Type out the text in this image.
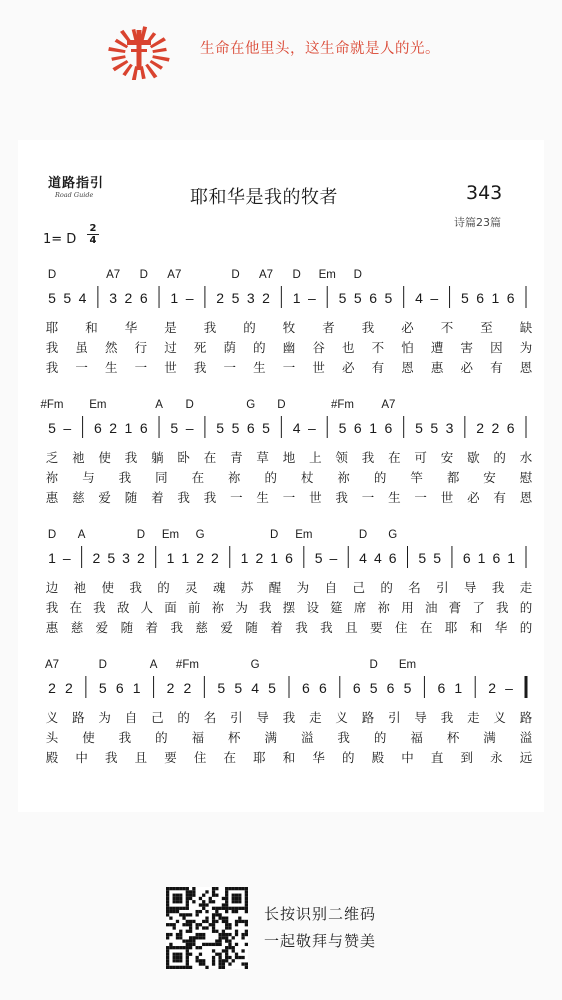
生命在他里头，这生命就是人的光。
道路指引
Road Guide	耶和华是我的牧者	343
诗篇23篇
1= D $\frac{2}{4}$
D	A7 D A7	D A7 D Em D
5 5 4 3 2 6 1 – 2 5 3 2 1 – 5 5 6 5 4 – 5 6 1 6
耶 和 华 是 我 的 牧 者 我 必 不 至 缺
我 虽 然 行 过 死 荫 的 幽 谷 也 不 怕 遭 害 因 为
我 一 生 一 世 我 一 生 一 世 必 有 恩 惠 必 有 恩
#Fm Em	A D	G D	#Fm A7
5 – 6 2 1 6 5 – 5 5 6 5 4 – 5 6 1 6 5 5 3 2 2 6
乏 祂 使 我 躺 卧 在 青 草 地 上 领 我 在 可 安 歇 的 水
祢 与 我 同 在 祢 的 杖 祢 的 竿 都 安 慰
惠 慈 爱 随 着 我 我 一 生 一 世 我 一 生 一 世 必 有 恩
D A	D Em G	D Em	D G
1 – 2 5 3 2 1 1 2 2 1 2 1 6 5 – 4 4 6 5 5 6 1 6 1
边 祂 使 我 的 灵 魂 苏 醒 为 自 己 的 名 引 导 我 走
我 在 我 敌 人 面 前 祢 为 我 摆 设 筵 席 祢 用 油 膏 了 我 的
惠 慈 爱 随 着 我 慈 爱 随 着 我 我 且 要 住 在 耶 和 华 的
A7	D	A #Fm	G	D Em
2 2 5 6 1 2 2 5 5 4 5 6 6 6 5 6 5 6 1 2 –
义 路 为 自 己 的 名 引 导 我 走 义 路 引 导 我 走 义 路
头 使 我 的 福 杯 满 溢 我 的 福 杯 满 溢
殿 中 我 且 要 住 在 耶 和 华 的 殿 中 直 到 永 远
长按识别二维码
一起敬拜与赞美
